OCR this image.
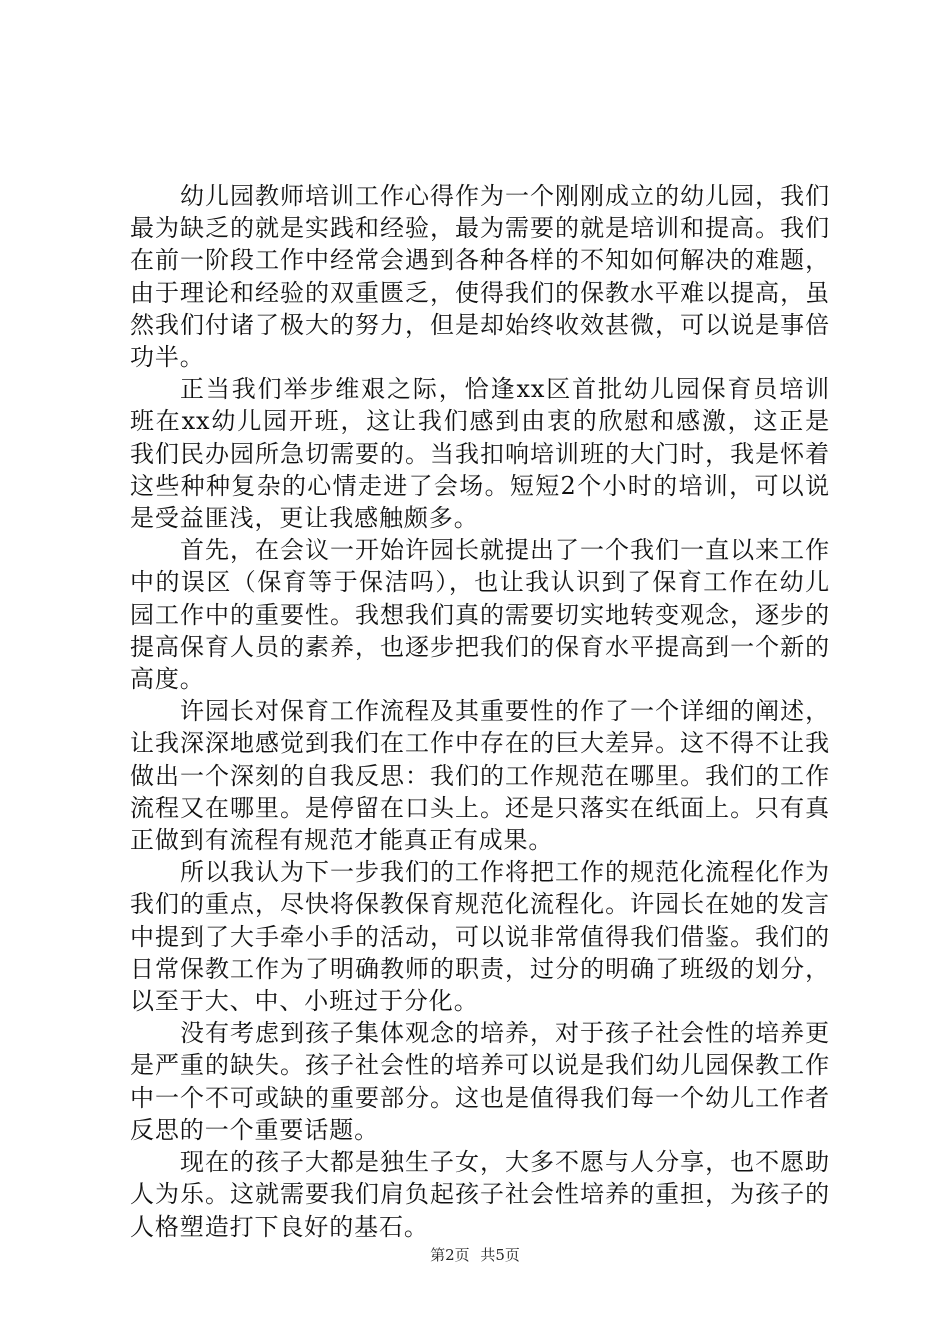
幼儿园教师培训工作心得作为一个刚刚成立的幼儿园，我们最为缺乏的就是实践和经验，最为需要的就是培训和提高。我们在前一阶段工作中经常会遇到各种各样的不知如何解决的难题，由于理论和经验的双重匮乏，使得我们的保教水平难以提高，虽然我们付诸了极大的努力，但是却始终收效甚微，可以说是事倍功半。

正当我们举步维艰之际，恰逢xx区首批幼儿园保育员培训班在xx幼儿园开班，这让我们感到由衷的欣慰和感激，这正是我们民办园所急切需要的。当我扣响培训班的大门时，我是怀着这些种种复杂的心情走进了会场。短短2个小时的培训，可以说是受益匪浅，更让我感触颇多。

首先，在会议一开始许园长就提出了一个我们一直以来工作中的误区（保育等于保洁吗），也让我认识到了保育工作在幼儿园工作中的重要性。我想我们真的需要切实地转变观念，逐步的提高保育人员的素养，也逐步把我们的保育水平提高到一个新的高度。

许园长对保育工作流程及其重要性的作了一个详细的阐述，让我深深地感觉到我们在工作中存在的巨大差异。这不得不让我做出一个深刻的自我反思：我们的工作规范在哪里。我们的工作流程又在哪里。是停留在口头上。还是只落实在纸面上。只有真正做到有流程有规范才能真正有成果。

所以我认为下一步我们的工作将把工作的规范化流程化作为我们的重点，尽快将保教保育规范化流程化。许园长在她的发言中提到了大手牵小手的活动，可以说非常值得我们借鉴。我们的日常保教工作为了明确教师的职责，过分的明确了班级的划分，以至于大、中、小班过于分化。

没有考虑到孩子集体观念的培养，对于孩子社会性的培养更是严重的缺失。孩子社会性的培养可以说是我们幼儿园保教工作中一个不可或缺的重要部分。这也是值得我们每一个幼儿工作者反思的一个重要话题。

现在的孩子大都是独生子女，大多不愿与人分享，也不愿助人为乐。这就需要我们肩负起孩子社会性培养的重担，为孩子的人格塑造打下良好的基石。

第2页 共5页
